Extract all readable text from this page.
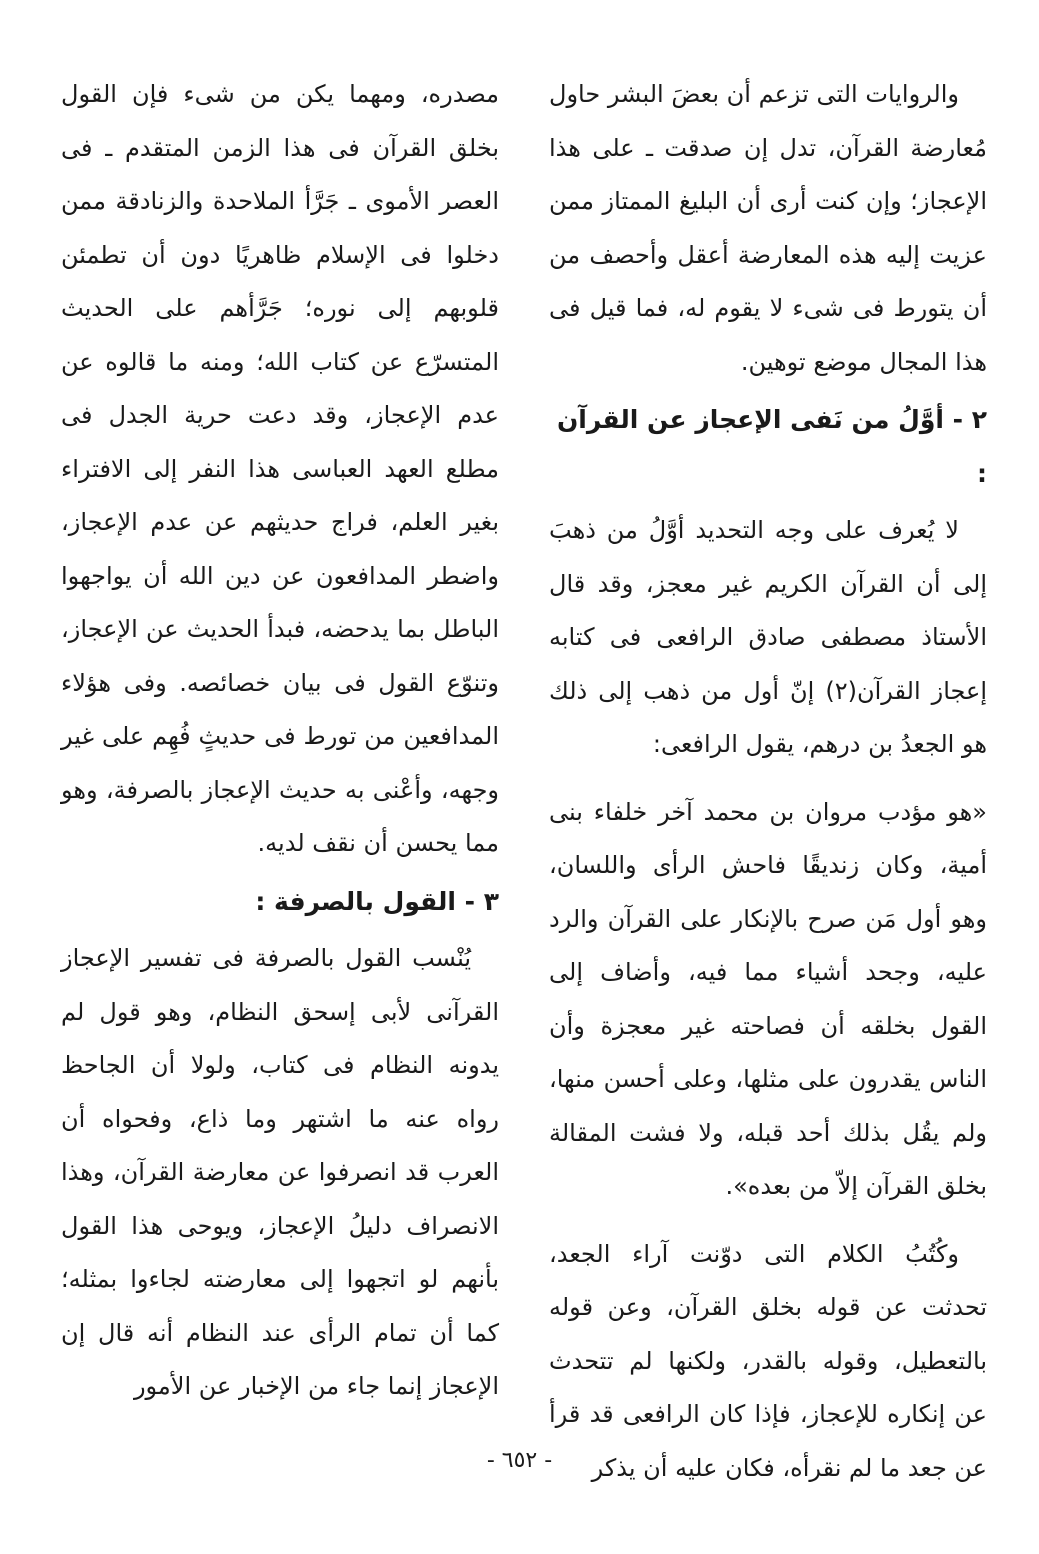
والروايات التى تزعم أن بعضَ البشر حاول مُعارضة القرآن، تدل إن صدقت ـ على هذا الإعجاز؛ وإن كنت أرى أن البليغ الممتاز ممن عزيت إليه هذه المعارضة أعقل وأحصف من أن يتورط فى شىء لا يقوم له، فما قيل فى هذا المجال موضع توهين.

٢ - أوَّلُ من نَفى الإعجاز عن القرآن :

لا يُعرف على وجه التحديد أوَّلُ من ذهبَ إلى أن القرآن الكريم غير معجز، وقد قال الأستاذ مصطفى صادق الرافعى فى كتابه إعجاز القرآن(٢) إنّ أول من ذهب إلى ذلك هو الجعدُ بن درهم، يقول الرافعى:

«هو مؤدب مروان بن محمد آخر خلفاء بنى أمية، وكان زنديقًا فاحش الرأى واللسان، وهو أول مَن صرح بالإنكار على القرآن والرد عليه، وجحد أشياء مما فيه، وأضاف إلى القول بخلقه أن فصاحته غير معجزة وأن الناس يقدرون على مثلها، وعلى أحسن منها، ولم يقُل بذلك أحد قبله، ولا فشت المقالة بخلق القرآن إلاّ من بعده».

وكُتُبُ الكلام التى دوّنت آراء الجعد، تحدثت عن قوله بخلق القرآن، وعن قوله بالتعطيل، وقوله بالقدر، ولكنها لم تتحدث عن إنكاره للإعجاز، فإذا كان الرافعى قد قرأ عن جعد ما لم نقرأه، فكان عليه أن يذكر

مصدره، ومهما يكن من شىء فإن القول بخلق القرآن فى هذا الزمن المتقدم ـ فى العصر الأموى ـ جَرَّأ الملاحدة والزنادقة ممن دخلوا فى الإسلام ظاهريًا دون أن تطمئن قلوبهم إلى نوره؛ جَرَّأهم على الحديث المتسرّع عن كتاب الله؛ ومنه ما قالوه عن عدم الإعجاز، وقد دعت حرية الجدل فى مطلع العهد العباسى هذا النفر إلى الافتراء بغير العلم، فراج حديثهم عن عدم الإعجاز، واضطر المدافعون عن دين الله أن يواجهوا الباطل بما يدحضه، فبدأ الحديث عن الإعجاز، وتنوّع القول فى بيان خصائصه. وفى هؤلاء المدافعين من تورط فى حديثٍ فُهِم على غير وجهه، وأعْنى به حديث الإعجاز بالصرفة، وهو مما يحسن أن نقف لديه.

٣ - القول بالصرفة :

يُنْسب القول بالصرفة فى تفسير الإعجاز القرآنى لأبى إسحق النظام، وهو قول لم يدونه النظام فى كتاب، ولولا أن الجاحظ رواه عنه ما اشتهر وما ذاع، وفحواه أن العرب قد انصرفوا عن معارضة القرآن، وهذا الانصراف دليلُ الإعجاز، ويوحى هذا القول بأنهم لو اتجهوا إلى معارضته لجاءوا بمثله؛ كما أن تمام الرأى عند النظام أنه قال إن الإعجاز إنما جاء من الإخبار عن الأمور

- ٦٥٢ -
